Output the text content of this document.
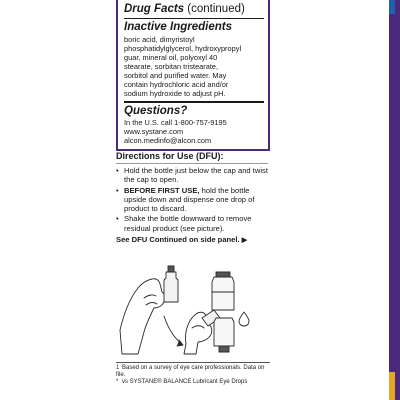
Drug Facts (continued)
Inactive Ingredients
boric acid, dimyristoyl
phosphatidylglycerol, hydroxypropyl
guar, mineral oil, polyoxyl 40
stearate, sorbitan tristearate,
sorbitol and purified water. May
contain hydrochloric acid and/or
sodium hydroxide to adjust pH.
Questions?
In the U.S. call 1-800-757-9195
www.systane.com
alcon.medinfo@alcon.com
Directions for Use (DFU):
• Hold the bottle just below the cap and twist the cap to open.
• BEFORE FIRST USE, hold the bottle upside down and dispense one drop of product to discard.
• Shake the bottle downward to remove residual product (see picture).
See DFU Continued on side panel. ▶
1 Based on a survey of eye care professionals. Data on file.
* vs SYSTANE® BALANCE Lubricant Eye Drops
